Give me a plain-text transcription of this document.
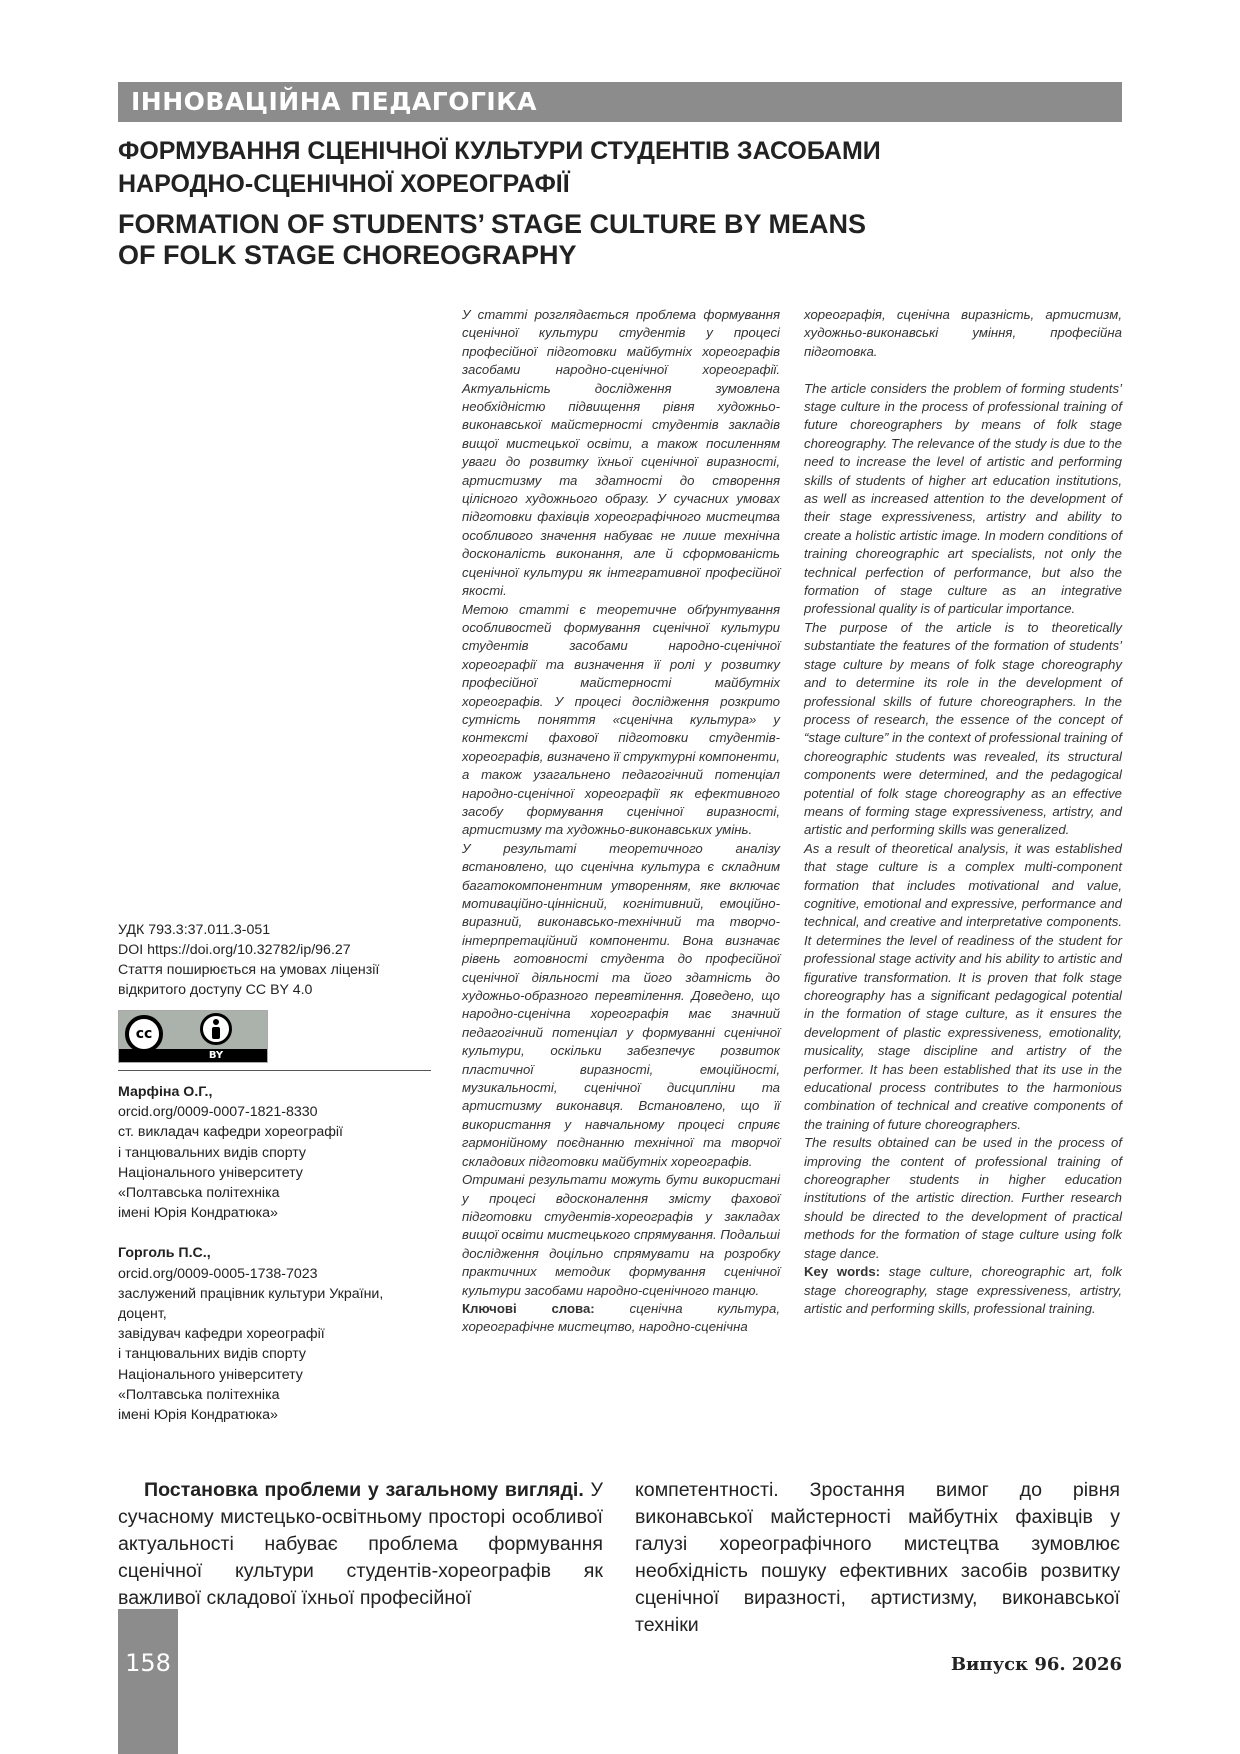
ІННОВАЦІЙНА ПЕДАГОГІКА
ФОРМУВАННЯ СЦЕНІЧНОЇ КУЛЬТУРИ СТУДЕНТІВ ЗАСОБАМИ
НАРОДНО-СЦЕНІЧНОЇ ХОРЕОГРАФІЇ
FORMATION OF STUDENTS’ STAGE CULTURE BY MEANS
OF FOLK STAGE CHOREOGRAPHY

У статті розглядається проблема формування сценічної культури студентів у процесі професійної підготовки майбутніх хореографів засобами народно-сценічної хореографії. Актуальність дослідження зумовлена необхідністю підвищення рівня художньо-виконавської майстерності студентів закладів вищої мистецької освіти, а також посиленням уваги до розвитку їхньої сценічної виразності, артистизму та здатності до створення цілісного художнього образу. У сучасних умовах підготовки фахівців хореографічного мистецтва особливого значення набуває не лише технічна досконалість виконання, але й сформованість сценічної культури як інтегративної професійної якості.

Метою статті є теоретичне обґрунтування особливостей формування сценічної культури студентів засобами народно-сценічної хореографії та визначення її ролі у розвитку професійної майстерності майбутніх хореографів. У процесі дослідження розкрито сутність поняття «сценічна культура» у контексті фахової підготовки студентів-хореографів, визначено її структурні компоненти, а також узагальнено педагогічний потенціал народно-сценічної хореографії як ефективного засобу формування сценічної виразності, артистизму та художньо-виконавських умінь.

У результаті теоретичного аналізу встановлено, що сценічна культура є складним багатокомпонентним утворенням, яке включає мотиваційно-ціннісний, когнітивний, емоційно-виразний, виконавсько-технічний та творчо-інтерпретаційний компоненти. Вона визначає рівень готовності студента до професійної сценічної діяльності та його здатність до художньо-образного перевтілення. Доведено, що народно-сценічна хореографія має значний педагогічний потенціал у формуванні сценічної культури, оскільки забезпечує розвиток пластичної виразності, емоційності, музикальності, сценічної дисципліни та артистизму виконавця. Встановлено, що її використання у навчальному процесі сприяє гармонійному поєднанню технічної та творчої складових підготовки майбутніх хореографів.

Отримані результати можуть бути використані у процесі вдосконалення змісту фахової підготовки студентів-хореографів у закладах вищої освіти мистецького спрямування. Подальші дослідження доцільно спрямувати на розробку практичних методик формування сценічної культури засобами народно-сценічного танцю.

Ключові слова: сценічна культура, хореографічне мистецтво, народно-сценічна

хореографія, сценічна виразність, артистизм, художньо-виконавські уміння, професійна підготовка.

The article considers the problem of forming students’ stage culture in the process of professional training of future choreographers by means of folk stage choreography. The relevance of the study is due to the need to increase the level of artistic and performing skills of students of higher art education institutions, as well as increased attention to the development of their stage expressiveness, artistry and ability to create a holistic artistic image. In modern conditions of training choreographic art specialists, not only the technical perfection of performance, but also the formation of stage culture as an integrative professional quality is of particular importance.

The purpose of the article is to theoretically substantiate the features of the formation of students’ stage culture by means of folk stage choreography and to determine its role in the development of professional skills of future choreographers. In the process of research, the essence of the concept of “stage culture” in the context of professional training of choreographic students was revealed, its structural components were determined, and the pedagogical potential of folk stage choreography as an effective means of forming stage expressiveness, artistry, and artistic and performing skills was generalized.

As a result of theoretical analysis, it was established that stage culture is a complex multi-component formation that includes motivational and value, cognitive, emotional and expressive, performance and technical, and creative and interpretative components. It determines the level of readiness of the student for professional stage activity and his ability to artistic and figurative transformation. It is proven that folk stage choreography has a significant pedagogical potential in the formation of stage culture, as it ensures the development of plastic expressiveness, emotionality, musicality, stage discipline and artistry of the performer. It has been established that its use in the educational process contributes to the harmonious combination of technical and creative components of the training of future choreographers.

The results obtained can be used in the process of improving the content of professional training of choreographer students in higher education institutions of the artistic direction. Further research should be directed to the development of practical methods for the formation of stage culture using folk stage dance.

Key words: stage culture, choreographic art, folk stage choreography, stage expressiveness, artistry, artistic and performing skills, professional training.

УДК 793.3:37.011.3-051
DOI https://doi.org/10.32782/ip/96.27
Стаття поширюється на умовах ліцензії
відкритого доступу CC BY 4.0
cc
BY
Марфіна О.Г.,
orcid.org/0009-0007-1821-8330
ст. викладач кафедри хореографії
і танцювальних видів спорту
Національного університету
«Полтавська політехніка
імені Юрія Кондратюка»
Горголь П.С.,
orcid.org/0009-0005-1738-7023
заслужений працівник культури України,
доцент,
завідувач кафедри хореографії
і танцювальних видів спорту
Національного університету
«Полтавська політехніка
імені Юрія Кондратюка»

Постановка проблеми у загальному вигляді. У сучасному мистецько-освітньому просторі особливої актуальності набуває проблема формування сценічної культури студентів-хореографів як важливої складової їхньої професійної

компетентності. Зростання вимог до рівня виконавської майстерності майбутніх фахівців у галузі хореографічного мистецтва зумовлює необхідність пошуку ефективних засобів розвитку сценічної виразності, артистизму, виконавської техніки

158	Випуск 96. 2026
